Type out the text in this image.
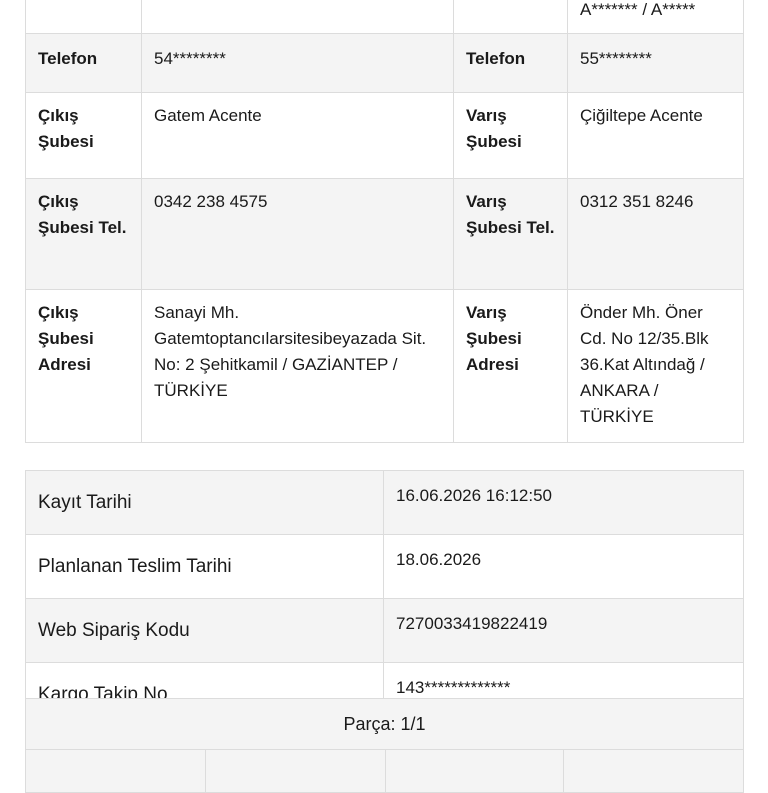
			A******* / A*****

Telefon	54********	Telefon	55********

Çıkış Şubesi	Gatem Acente	Varış Şubesi	Çiğiltepe Acente
Çıkış Şubesi Tel.	0342 238 4575	Varış Şubesi Tel.	0312 351 8246
Çıkış Şubesi Adresi	Sanayi Mh. Gatemtoptancılarsitesibeyazada Sit. No: 2 Şehitkamil / GAZİANTEP / TÜRKİYE	Varış Şubesi Adresi	Önder Mh. Öner Cd. No 12/35.Blk 36.Kat Altındağ / ANKARA / TÜRKİYE
Kayıt Tarihi	16.06.2026 16:12:50
Planlanan Teslim Tarihi	18.06.2026
Web Sipariş Kodu	7270033419822419
Kargo Takip No	143*************
Parça: 1/1
